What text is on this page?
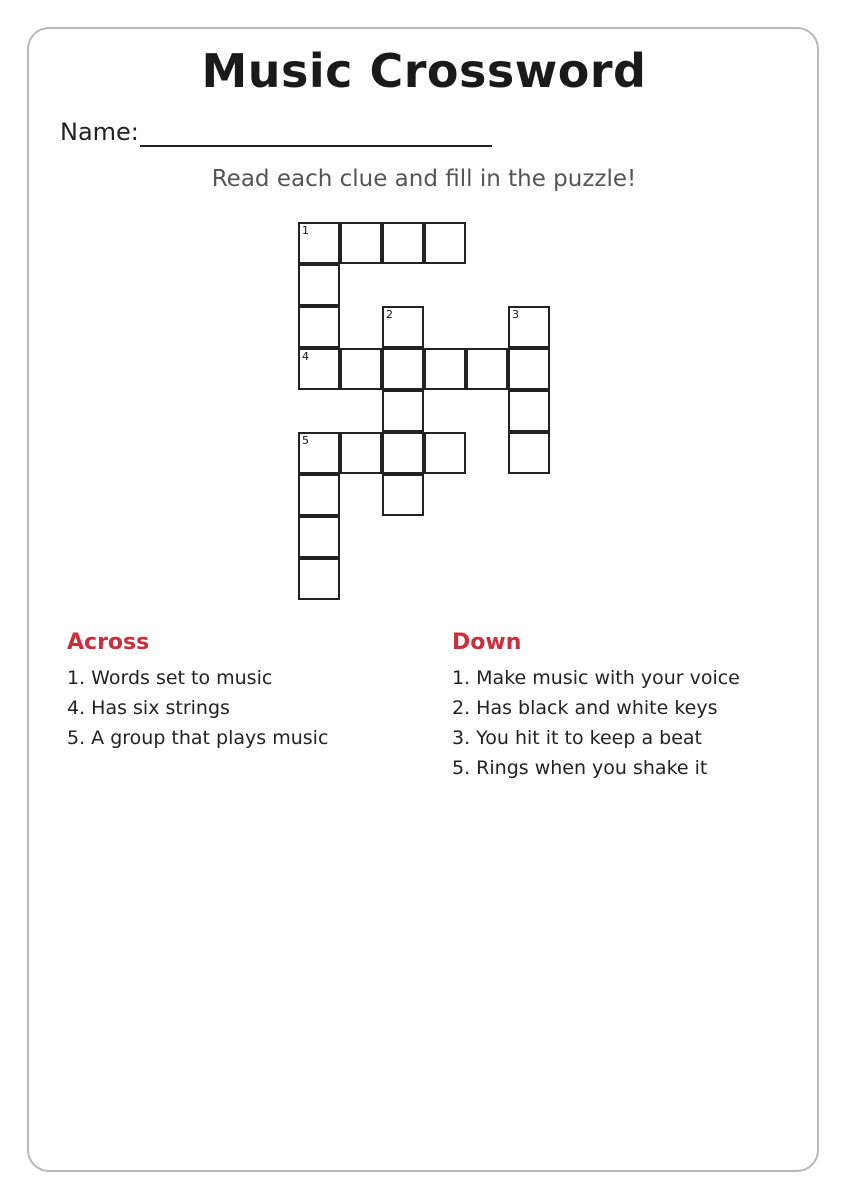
Music Crossword
Name:
Read each clue and fill in the puzzle!
1
2	3
4
5
Across
1. Words set to music
4. Has six strings
5. A group that plays music
Down
1. Make music with your voice
2. Has black and white keys
3. You hit it to keep a beat
5. Rings when you shake it
